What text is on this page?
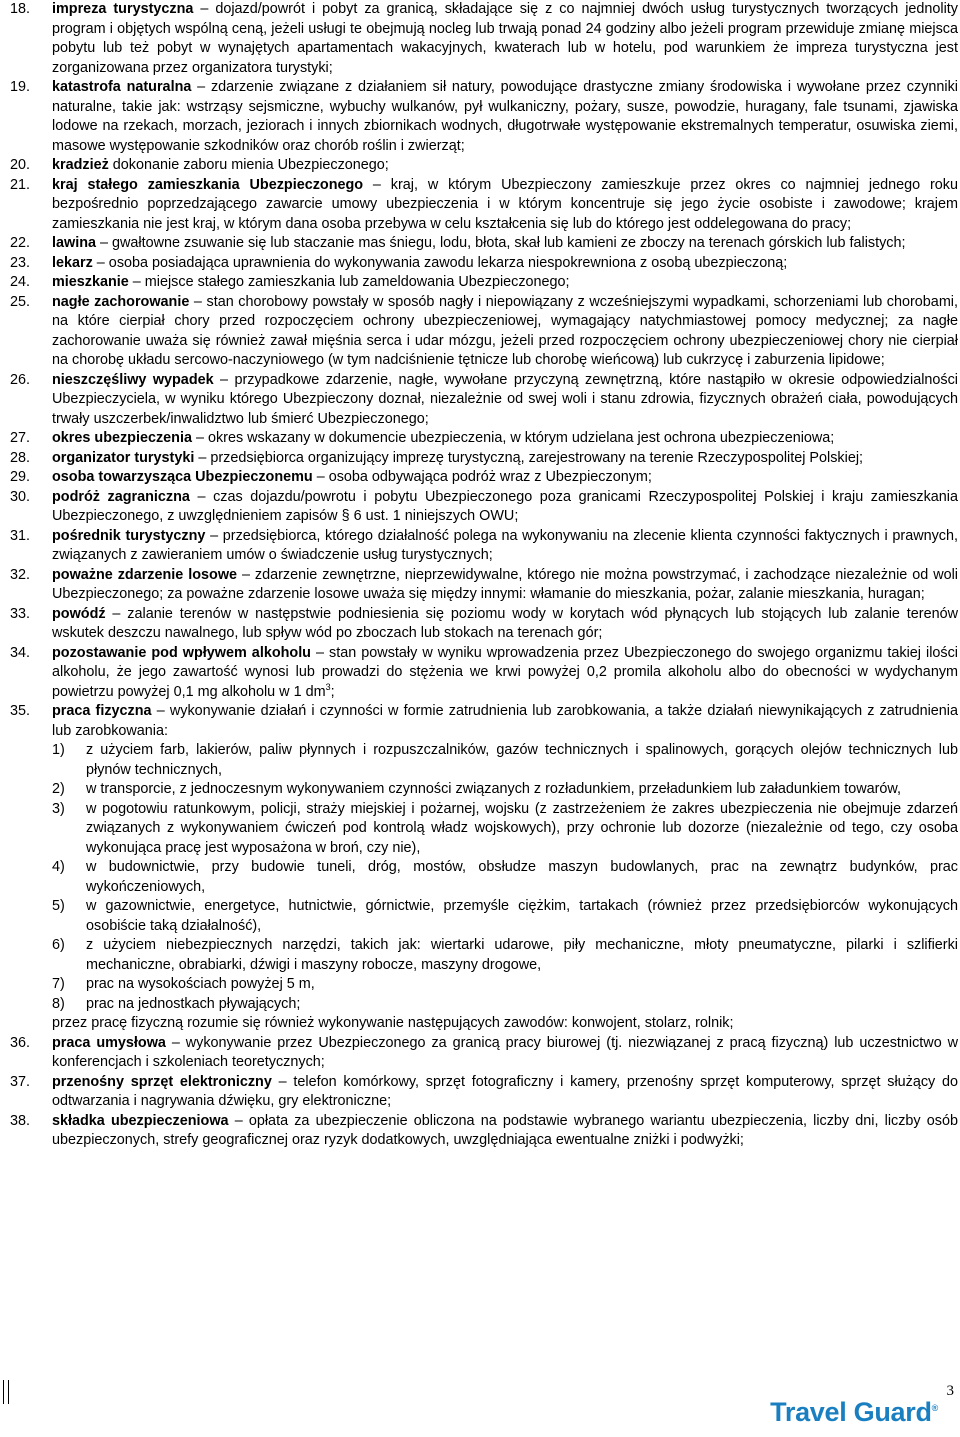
18.	impreza turystyczna – dojazd/powrót i pobyt za granicą, składające się z co najmniej dwóch usług turystycznych tworzących jednolity program i objętych wspólną ceną, jeżeli usługi te obejmują nocleg lub trwają ponad 24 godziny albo jeżeli program przewiduje zmianę miejsca pobytu lub też pobyt w wynajętych apartamentach wakacyjnych, kwaterach lub w hotelu, pod warunkiem że impreza turystyczna jest zorganizowana przez organizatora turystyki;
19.	katastrofa naturalna – zdarzenie związane z działaniem sił natury, powodujące drastyczne zmiany środowiska i wywołane przez czynniki naturalne, takie jak: wstrząsy sejsmiczne, wybuchy wulkanów, pył wulkaniczny, pożary, susze, powodzie, huragany, fale tsunami, zjawiska lodowe na rzekach, morzach, jeziorach i innych zbiornikach wodnych, długotrwałe występowanie ekstremalnych temperatur, osuwiska ziemi, masowe występowanie szkodników oraz chorób roślin i zwierząt;
20.	kradzież dokonanie zaboru mienia Ubezpieczonego;
21.	kraj stałego zamieszkania Ubezpieczonego – kraj, w którym Ubezpieczony zamieszkuje przez okres co najmniej jednego roku bezpośrednio poprzedzającego zawarcie umowy ubezpieczenia i w którym koncentruje się jego życie osobiste i zawodowe; krajem zamieszkania nie jest kraj, w którym dana osoba przebywa w celu kształcenia się lub do którego jest oddelegowana do pracy;
22.	lawina – gwałtowne zsuwanie się lub staczanie mas śniegu, lodu, błota, skał lub kamieni ze zboczy na terenach górskich lub falistych;
23.	lekarz – osoba posiadająca uprawnienia do wykonywania zawodu lekarza niespokrewniona z osobą ubezpieczoną;
24.	mieszkanie – miejsce stałego zamieszkania lub zameldowania Ubezpieczonego;
25.	nagłe zachorowanie – stan chorobowy powstały w sposób nagły i niepowiązany z wcześniejszymi wypadkami, schorzeniami lub chorobami, na które cierpiał chory przed rozpoczęciem ochrony ubezpieczeniowej, wymagający natychmiastowej pomocy medycznej; za nagłe zachorowanie uważa się również zawał mięśnia serca i udar mózgu, jeżeli przed rozpoczęciem ochrony ubezpieczeniowej chory nie cierpiał na chorobę układu sercowo-naczyniowego (w tym nadciśnienie tętnicze lub chorobę wieńcową) lub cukrzycę i zaburzenia lipidowe;
26.	nieszczęśliwy wypadek – przypadkowe zdarzenie, nagłe, wywołane przyczyną zewnętrzną, które nastąpiło w okresie odpowiedzialności Ubezpieczyciela, w wyniku którego Ubezpieczony doznał, niezależnie od swej woli i stanu zdrowia, fizycznych obrażeń ciała, powodujących trwały uszczerbek/inwalidztwo lub śmierć Ubezpieczonego;
27.	okres ubezpieczenia – okres wskazany w dokumencie ubezpieczenia, w którym udzielana jest ochrona ubezpieczeniowa;
28.	organizator turystyki – przedsiębiorca organizujący imprezę turystyczną, zarejestrowany na terenie Rzeczypospolitej Polskiej;
29.	osoba towarzysząca Ubezpieczonemu – osoba odbywająca podróż wraz z Ubezpieczonym;
30.	podróż zagraniczna – czas dojazdu/powrotu i pobytu Ubezpieczonego poza granicami Rzeczypospolitej Polskiej i kraju zamieszkania Ubezpieczonego, z uwzględnieniem zapisów § 6 ust. 1 niniejszych OWU;
31.	pośrednik turystyczny – przedsiębiorca, którego działalność polega na wykonywaniu na zlecenie klienta czynności faktycznych i prawnych, związanych z zawieraniem umów o świadczenie usług turystycznych;
32.	poważne zdarzenie losowe – zdarzenie zewnętrzne, nieprzewidywalne, którego nie można powstrzymać, i zachodzące niezależnie od woli Ubezpieczonego; za poważne zdarzenie losowe uważa się między innymi: włamanie do mieszkania, pożar, zalanie mieszkania, huragan;
33.	powódź – zalanie terenów w następstwie podniesienia się poziomu wody w korytach wód płynących lub stojących lub zalanie terenów wskutek deszczu nawalnego, lub spływ wód po zboczach lub stokach na terenach gór;
34.	pozostawanie pod wpływem alkoholu – stan powstały w wyniku wprowadzenia przez Ubezpieczonego do swojego organizmu takiej ilości alkoholu, że jego zawartość wynosi lub prowadzi do stężenia we krwi powyżej 0,2 promila alkoholu albo do obecności w wydychanym powietrzu powyżej 0,1 mg alkoholu w 1 $dm^3$;
35.	praca fizyczna – wykonywanie działań i czynności w formie zatrudnienia lub zarobkowania, a także działań niewynikających z zatrudnienia lub zarobkowania:
1)	z użyciem farb, lakierów, paliw płynnych i rozpuszczalników, gazów technicznych i spalinowych, gorących olejów technicznych lub płynów technicznych,
2)	w transporcie, z jednoczesnym wykonywaniem czynności związanych z rozładunkiem, przeładunkiem lub załadunkiem towarów,
3)	w pogotowiu ratunkowym, policji, straży miejskiej i pożarnej, wojsku (z zastrzeżeniem że zakres ubezpieczenia nie obejmuje zdarzeń związanych z wykonywaniem ćwiczeń pod kontrolą władz wojskowych), przy ochronie lub dozorze (niezależnie od tego, czy osoba wykonująca pracę jest wyposażona w broń, czy nie),
4)	w budownictwie, przy budowie tuneli, dróg, mostów, obsłudze maszyn budowlanych, prac na zewnątrz budynków, prac wykończeniowych,
5)	w gazownictwie, energetyce, hutnictwie, górnictwie, przemyśle ciężkim, tartakach (również przez przedsiębiorców wykonujących osobiście taką działalność),
6)	z użyciem niebezpiecznych narzędzi, takich jak: wiertarki udarowe, piły mechaniczne, młoty pneumatyczne, pilarki i szlifierki mechaniczne, obrabiarki, dźwigi i maszyny robocze, maszyny drogowe,
7)	prac na wysokościach powyżej 5 m,
8)	prac na jednostkach pływających;
przez pracę fizyczną rozumie się również wykonywanie następujących zawodów: konwojent, stolarz, rolnik;
36.	praca umysłowa – wykonywanie przez Ubezpieczonego za granicą pracy biurowej (tj. niezwiązanej z pracą fizyczną) lub uczestnictwo w konferencjach i szkoleniach teoretycznych;
37.	przenośny sprzęt elektroniczny – telefon komórkowy, sprzęt fotograficzny i kamery, przenośny sprzęt komputerowy, sprzęt służący do odtwarzania i nagrywania dźwięku, gry elektroniczne;
38.	składka ubezpieczeniowa – opłata za ubezpieczenie obliczona na podstawie wybranego wariantu ubezpieczenia, liczby dni, liczby osób ubezpieczonych, strefy geograficznej oraz ryzyk dodatkowych, uwzględniająca ewentualne zniżki i podwyżki;
3
Travel Guard®
